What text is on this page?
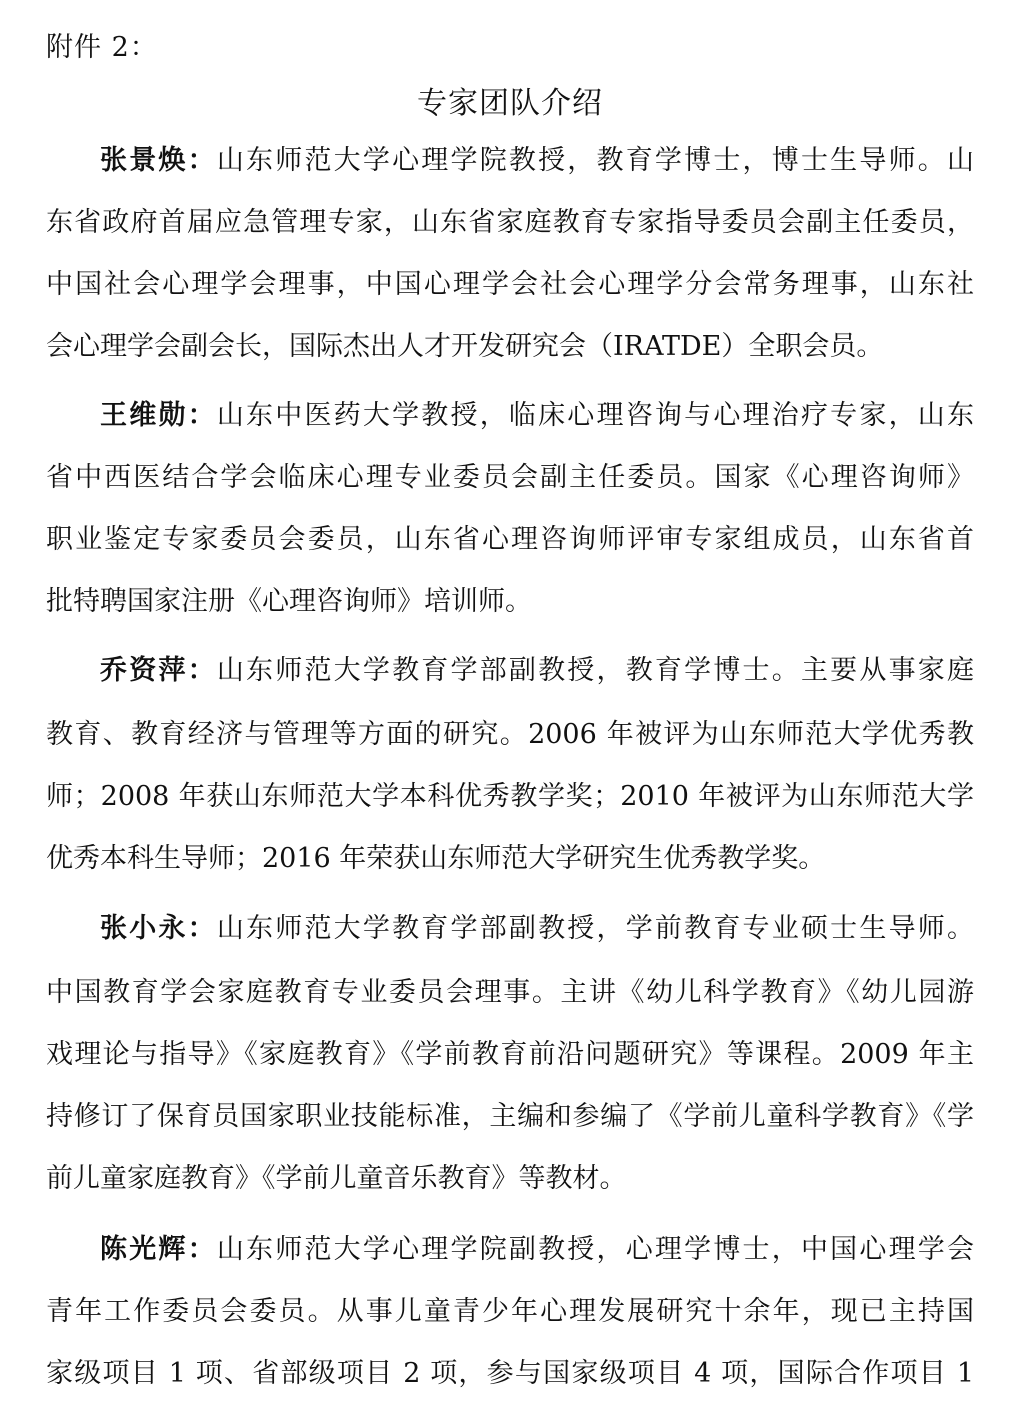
附件 2：
专家团队介绍
张景焕：山东师范大学心理学院教授，教育学博士，博士生导师。山
东省政府首届应急管理专家，山东省家庭教育专家指导委员会副主任委员，
中国社会心理学会理事，中国心理学会社会心理学分会常务理事，山东社
会心理学会副会长，国际杰出人才开发研究会（IRATDE）全职会员。
王维勋：山东中医药大学教授，临床心理咨询与心理治疗专家，山东
省中西医结合学会临床心理专业委员会副主任委员。国家《心理咨询师》
职业鉴定专家委员会委员，山东省心理咨询师评审专家组成员，山东省首
批特聘国家注册《心理咨询师》培训师。
乔资萍：山东师范大学教育学部副教授，教育学博士。主要从事家庭
教育、教育经济与管理等方面的研究。2006 年被评为山东师范大学优秀教
师；2008 年获山东师范大学本科优秀教学奖；2010 年被评为山东师范大学
优秀本科生导师；2016 年荣获山东师范大学研究生优秀教学奖。
张小永：山东师范大学教育学部副教授，学前教育专业硕士生导师。
中国教育学会家庭教育专业委员会理事。主讲《幼儿科学教育》《幼儿园游
戏理论与指导》《家庭教育》《学前教育前沿问题研究》等课程。2009 年主
持修订了保育员国家职业技能标准，主编和参编了《学前儿童科学教育》《学
前儿童家庭教育》《学前儿童音乐教育》等教材。
陈光辉：山东师范大学心理学院副教授，心理学博士，中国心理学会
青年工作委员会委员。从事儿童青少年心理发展研究十余年，现已主持国
家级项目 1 项、省部级项目 2 项，参与国家级项目 4 项，国际合作项目 1
